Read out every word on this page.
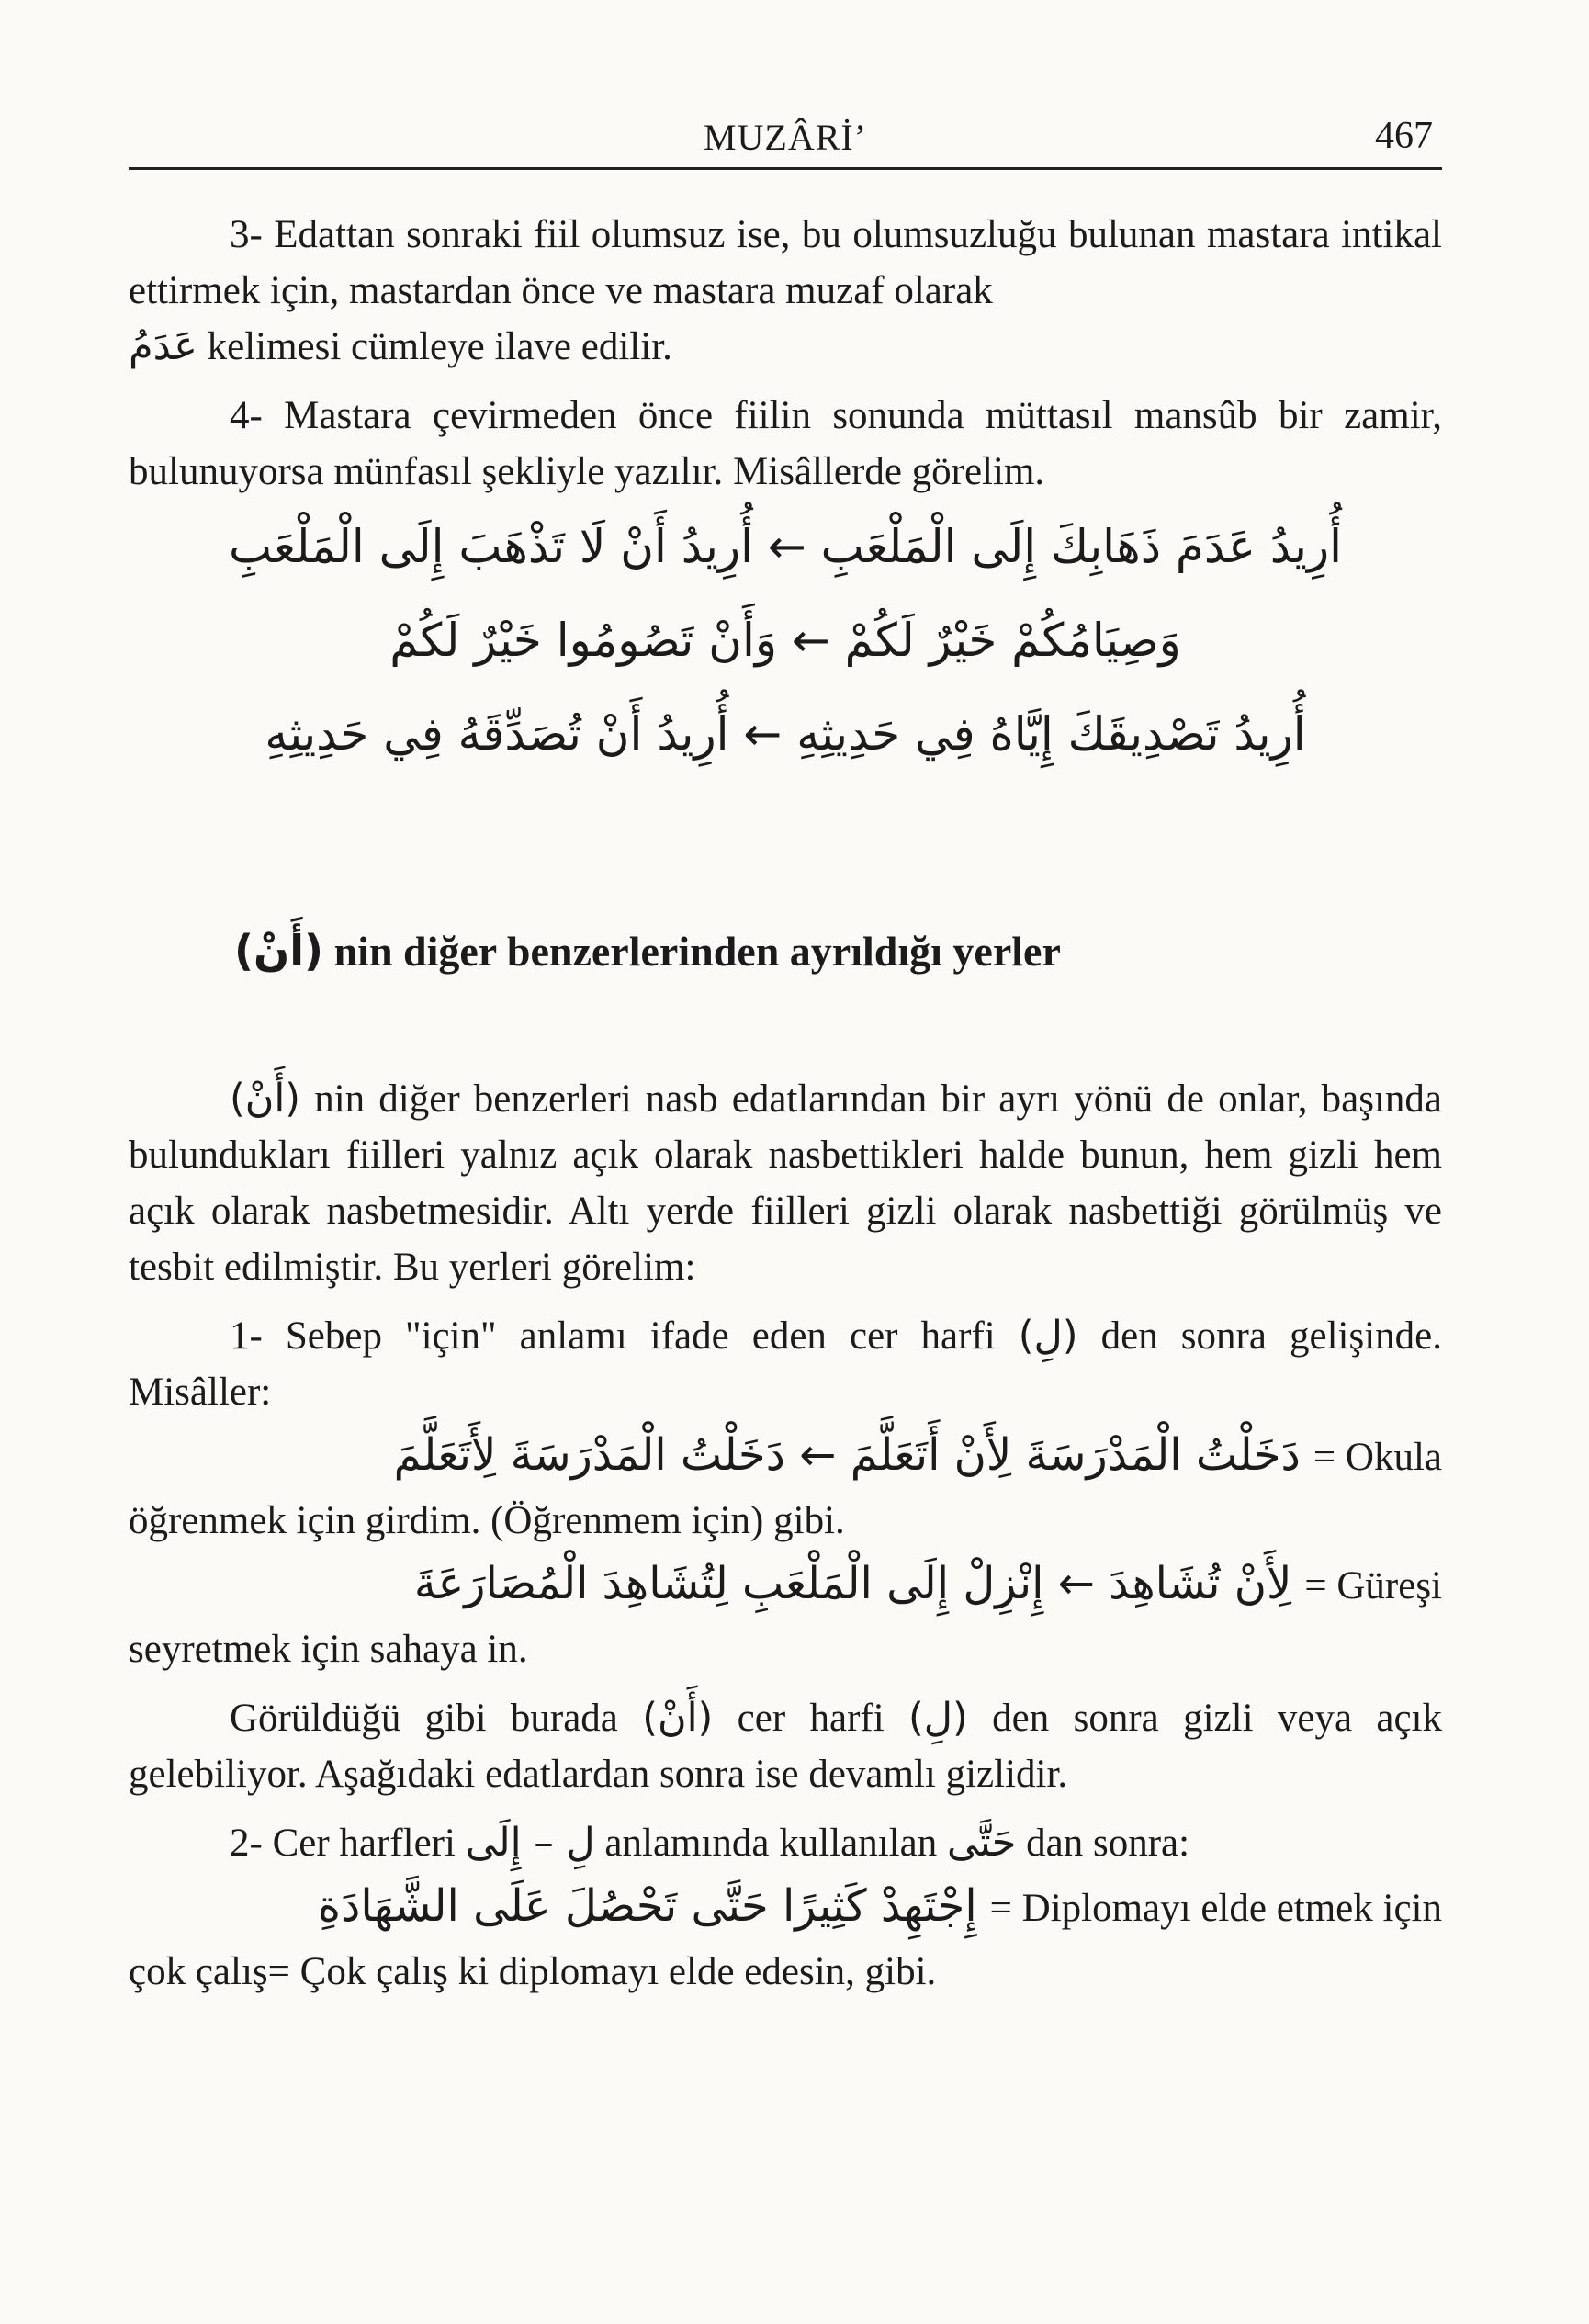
MUZÂRİ’	467

3- Edattan sonraki fiil olumsuz ise, bu olumsuzluğu bulunan mastara intikal ettirmek için, mastardan önce ve mastara muzaf olarak

عَدَمُ kelimesi cümleye ilave edilir.

4- Mastara çevirmeden önce fiilin sonunda müttasıl mansûb bir zamir, bulunuyorsa münfasıl şekliyle yazılır. Misâllerde görelim.

أُرِيدُ عَدَمَ ذَهَابِكَ إِلَى الْمَلْعَبِ ← أُرِيدُ أَنْ لَا تَذْهَبَ إِلَى الْمَلْعَبِ
وَصِيَامُكُمْ خَيْرٌ لَكُمْ ← وَأَنْ تَصُومُوا خَيْرٌ لَكُمْ
أُرِيدُ تَصْدِيقَكَ إِيَّاهُ فِي حَدِيثِهِ ← أُرِيدُ أَنْ تُصَدِّقَهُ فِي حَدِيثِهِ
(أَنْ) nin diğer benzerlerinden ayrıldığı yerler

(أَنْ) nin diğer benzerleri nasb edatlarından bir ayrı yönü de onlar, başında bulundukları fiilleri yalnız açık olarak nasbettikleri halde bunun, hem gizli hem açık olarak nasbetmesidir. Altı yerde fiilleri gizli olarak nasbettiği görülmüş ve tesbit edilmiştir. Bu yerleri görelim:

1- Sebep "için" anlamı ifade eden cer harfi (لِ) den sonra gelişinde. Misâller:

دَخَلْتُ الْمَدْرَسَةَ لِأَنْ أَتَعَلَّمَ ← دَخَلْتُ الْمَدْرَسَةَ لِأَتَعَلَّمَ = Okula

öğrenmek için girdim. (Öğrenmem için) gibi.

لِأَنْ تُشَاهِدَ ← إِنْزِلْ إِلَى الْمَلْعَبِ لِتُشَاهِدَ الْمُصَارَعَةَ = Güreşi

seyretmek için sahaya in.

Görüldüğü gibi burada (أَنْ) cer harfi (لِ) den sonra gizli veya açık gelebiliyor. Aşağıdaki edatlardan sonra ise devamlı gizlidir.

2- Cer harfleri لِ – إِلَى anlamında kullanılan حَتَّى dan sonra:

إِجْتَهِدْ كَثِيرًا حَتَّى تَحْصُلَ عَلَى الشَّهَادَةِ = Diplomayı elde etmek için

çok çalış= Çok çalış ki diplomayı elde edesin, gibi.
